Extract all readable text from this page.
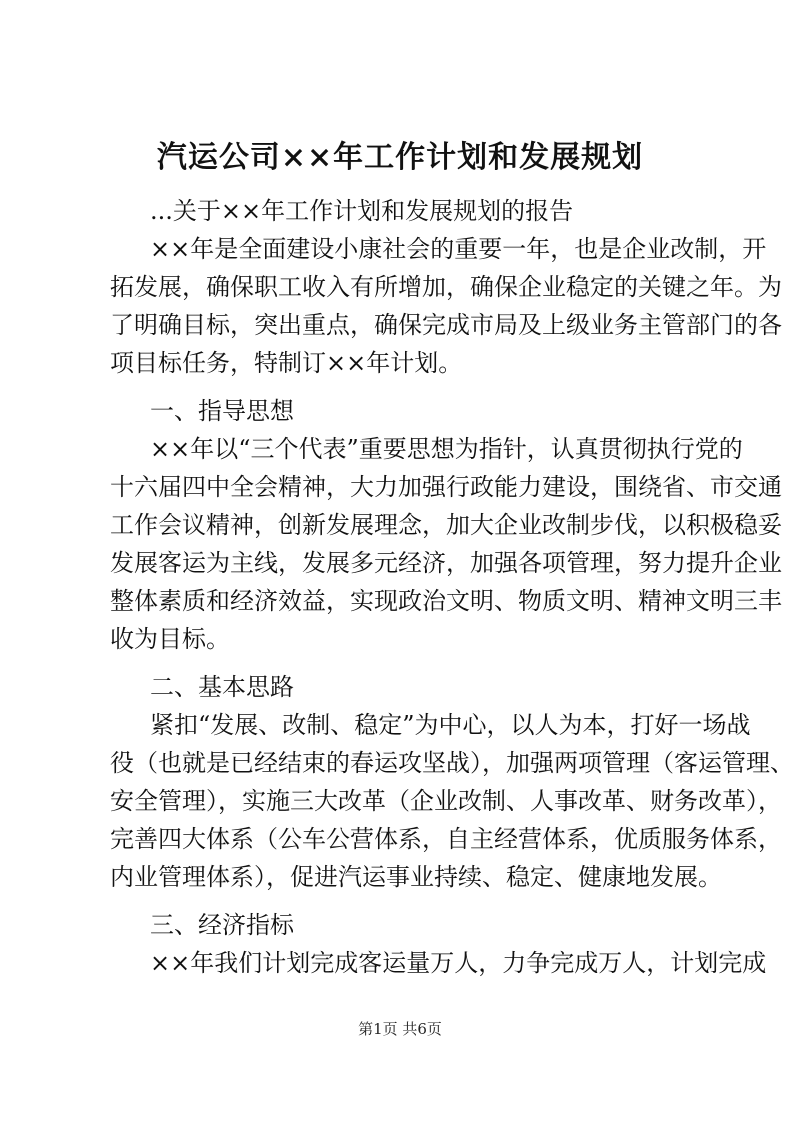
汽运公司××年工作计划和发展规划
...关于××年工作计划和发展规划的报告
××年是全面建设小康社会的重要一年，也是企业改制，开
拓发展，确保职工收入有所增加，确保企业稳定的关键之年。为
了明确目标，突出重点，确保完成市局及上级业务主管部门的各
项目标任务，特制订××年计划。
一、指导思想
××年以“三个代表”重要思想为指针，认真贯彻执行党的
十六届四中全会精神，大力加强行政能力建设，围绕省、市交通
工作会议精神，创新发展理念，加大企业改制步伐，以积极稳妥
发展客运为主线，发展多元经济，加强各项管理，努力提升企业
整体素质和经济效益，实现政治文明、物质文明、精神文明三丰
收为目标。
二、基本思路
紧扣“发展、改制、稳定”为中心，以人为本，打好一场战
役（也就是已经结束的春运攻坚战），加强两项管理（客运管理、
安全管理），实施三大改革（企业改制、人事改革、财务改革），
完善四大体系（公车公营体系，自主经营体系，优质服务体系，
内业管理体系），促进汽运事业持续、稳定、健康地发展。
三、经济指标
××年我们计划完成客运量万人，力争完成万人，计划完成
第1页 共6页
